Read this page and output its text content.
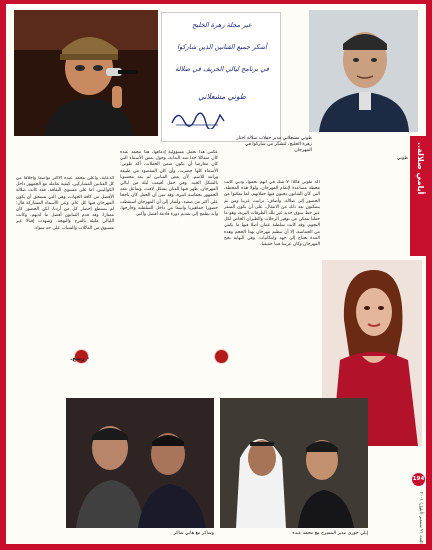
عبر مجلة زهرة الخليج

أشكر جميع الفنانين الذين شاركوا

في برنامج ليالي الخريف في صلالة

طوني مشعلاني

طوني

طوني مشعلاني مدير حفلات صلالة اختار زهرة الخليج، لنشكر من شاركوا في المهرجان	أيامي صلالة..

الدعاية، وأعلن محمد عبده الأكثر تواضعا وأخلاقا من كل الفنانين المشاركين، كيفية تعامله مع الجمهور داخل الكواليس. أما على مستوى الثقافة، فقد كانت صلالة الأفضل من كافة الجهات، وهي التي تستحق أن يكون المهرجان فيها كل عام. وعن الأسماء المشاركة قال: لم نستطع إحضار كل من أردنا، لكن الحضور كان ممتازا. وقد قدم الفنانون أفضل ما لديهم، وكانت الليالي مليئة بالفرح والبهجة، وشهدت إقبالا غير مسبوق من العائلات والشباب على حد سواء.

عكس هذا تحمل مسؤولية إدماقها، هذا محمد عبده كان متفائلا جدا منذ البداية، وحول بعض الأسماء التي كان معارضا أن تكون ضمن الحفلات، أكد طوني: الأسماء كلها حضرت، وأن كان المقصود من طبيعة وراثته للاسم، لأن بعض الفنانين لم يعد محسوبا بالشكل الجيد. وفي حفل أقيمت ليلة من ليالي المهرجان، ظهر فيها الفنان بشكل لافت، وتفاعل معه الجمهور بحماسة كبيرة، وقد تبين أن الحفل كان ناجحا على أكثر من صعيد. وأشار إلى أن المهرجان استقطب حضورا جماهيريا واسعا من داخل السلطنة وخارجها، وأنه يطمح إلى تقديم دورة قادمة أفضل وأكبر.

أكد طوني قائلا: لا شك في أنهم نجموا، ودبي كانت محطة مساعدة لإتمام المهرجان، ولولا هذه المحطة، التي كان الفنانون يحيون فيها حفلاتهم، لما تمكنوا من الحضور إلى صلالة. وأضاف: ترانيت عربيا ومن ثم يتمكنون بعد ذلك من الانتقال، على أن يكون السفر عبر خط سوق جديد غير تلك الطرقات البرية، وهو ما جعلنا نتمكن من توفير الرحلات والطيران الخاص لكل النجوم. وقد كانت سلطنة عمان أصلا فيها ما يكفي من الحماسة، إلا أن تنظيم مهرجان بهذا الحجم وهذه المدة يحتاج إلى جهد وإمكانيات. وفي النهاية نجح المهرجان وكان عرسا فنيا حقيقيا.

- ربيع.

وشاكر مع هاني شاكر	إيلي خوري مدير المسرح مع محمد عبده

194
العدد ٢١ سبتمبر (أيلول) ٢٠٠١
